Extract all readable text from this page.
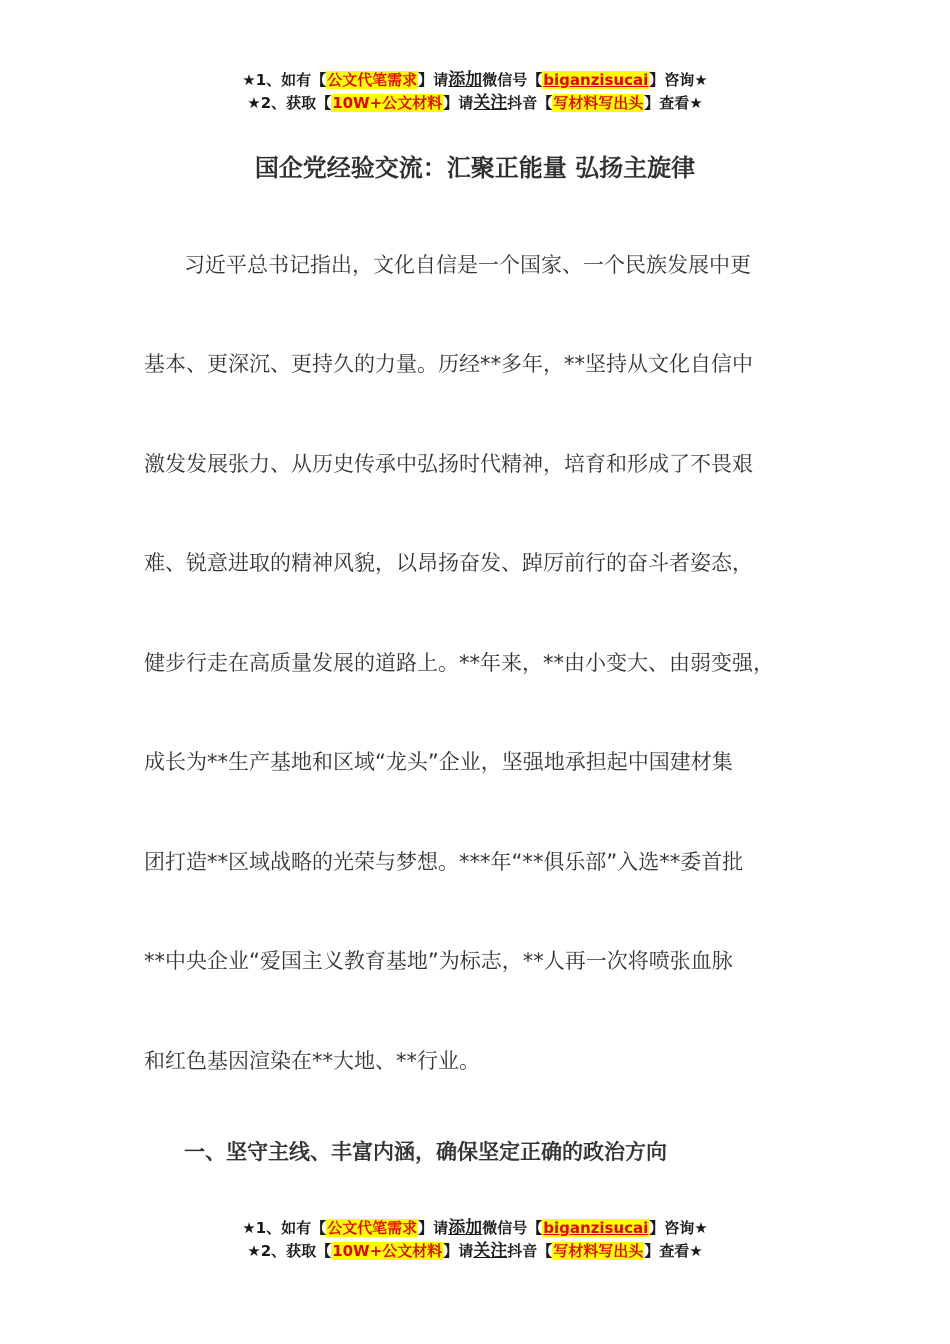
★1、如有【公文代笔需求】请添加微信号【biganzisucai】咨询★
★2、获取【10W+公文材料】请关注抖音【写材料写出头】查看★
国企党经验交流：汇聚正能量 弘扬主旋律
习近平总书记指出，文化自信是一个国家、一个民族发展中更
基本、更深沉、更持久的力量。历经**多年，**坚持从文化自信中
激发发展张力、从历史传承中弘扬时代精神，培育和形成了不畏艰
难、锐意进取的精神风貌，以昂扬奋发、踔厉前行的奋斗者姿态，
健步行走在高质量发展的道路上。**年来，**由小变大、由弱变强，
成长为**生产基地和区域“龙头”企业，坚强地承担起中国建材集
团打造**区域战略的光荣与梦想。***年“**俱乐部”入选**委首批
**中央企业“爱国主义教育基地”为标志，**人再一次将喷张血脉
和红色基因渲染在**大地、**行业。
一、坚守主线、丰富内涵，确保坚定正确的政治方向
★1、如有【公文代笔需求】请添加微信号【biganzisucai】咨询★
★2、获取【10W+公文材料】请关注抖音【写材料写出头】查看★
